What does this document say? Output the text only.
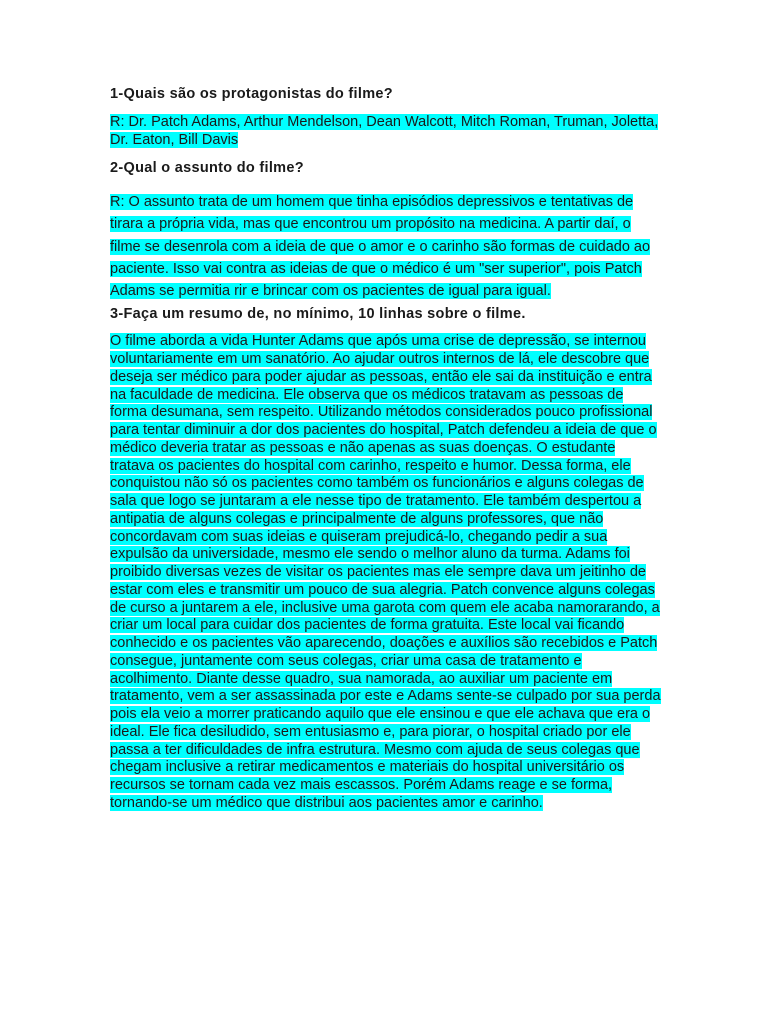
1-Quais são os protagonistas do filme?

R: Dr. Patch Adams, Arthur Mendelson, Dean Walcott, Mitch Roman, Truman, Joletta, Dr. Eaton, Bill Davis

2-Qual o assunto do filme?

R: O assunto trata de um homem que tinha episódios depressivos e tentativas de tirara a própria vida, mas que encontrou um propósito na medicina. A partir daí, o filme se desenrola com a ideia de que o amor e o carinho são formas de cuidado ao paciente. Isso vai contra as ideias de que o médico é um "ser superior", pois Patch Adams se permitia rir e brincar com os pacientes de igual para igual.

3-Faça um resumo de, no mínimo, 10 linhas sobre o filme.

O filme aborda a vida Hunter Adams que após uma crise de depressão, se internou voluntariamente em um sanatório. Ao ajudar outros internos de lá, ele descobre que deseja ser médico para poder ajudar as pessoas, então ele sai da instituição e entra na faculdade de medicina. Ele observa que os médicos tratavam as pessoas de forma desumana, sem respeito. Utilizando métodos considerados pouco profissional para tentar diminuir a dor dos pacientes do hospital, Patch defendeu a ideia de que o médico deveria tratar as pessoas e não apenas as suas doenças. O estudante tratava os pacientes do hospital com carinho, respeito e humor. Dessa forma, ele conquistou não só os pacientes como também os funcionários e alguns colegas de sala que logo se juntaram a ele nesse tipo de tratamento. Ele também despertou a antipatia de alguns colegas e principalmente de alguns professores, que não concordavam com suas ideias e quiseram prejudicá-lo, chegando pedir a sua expulsão da universidade, mesmo ele sendo o melhor aluno da turma. Adams foi proibido diversas vezes de visitar os pacientes mas ele sempre dava um jeitinho de estar com eles e transmitir um pouco de sua alegria. Patch convence alguns colegas de curso a juntarem a ele, inclusive uma garota com quem ele acaba namorarando, a criar um local para cuidar dos pacientes de forma gratuita. Este local vai ficando conhecido e os pacientes vão aparecendo, doações e auxílios são recebidos e Patch consegue, juntamente com seus colegas, criar uma casa de tratamento e acolhimento. Diante desse quadro, sua namorada, ao auxiliar um paciente em tratamento, vem a ser assassinada por este e Adams sente-se culpado por sua perda pois ela veio a morrer praticando aquilo que ele ensinou e que ele achava que era o ideal. Ele fica desiludido, sem entusiasmo e, para piorar, o hospital criado por ele passa a ter dificuldades de infra estrutura. Mesmo com ajuda de seus colegas que chegam inclusive a retirar medicamentos e materiais do hospital universitário os recursos se tornam cada vez mais escassos. Porém Adams reage e se forma, tornando-se um médico que distribui aos pacientes amor e carinho.
